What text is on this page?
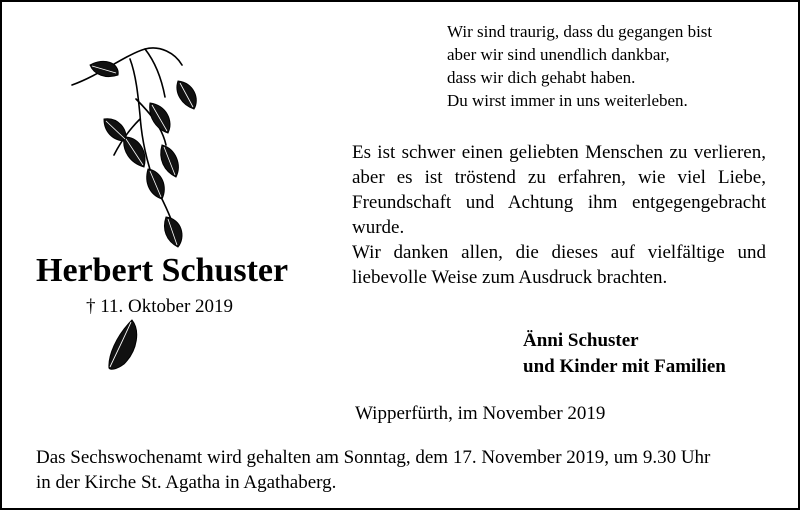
Wir sind traurig, dass du gegangen bist
aber wir sind unendlich dankbar,
dass wir dich gehabt haben.
Du wirst immer in uns weiterleben.

Es ist schwer einen geliebten Menschen zu verlieren, aber es ist tröstend zu erfahren, wie viel Liebe, Freundschaft und Achtung ihm entgegengebracht wurde.

Wir danken allen, die dieses auf vielfältige und liebevolle Weise zum Ausdruck brachten.

Herbert Schuster
† 11. Oktober 2019
Änni Schuster
und Kinder mit Familien
Wipperfürth, im November 2019
Das Sechswochenamt wird gehalten am Sonntag, dem 17. November 2019, um 9.30 Uhr
in der Kirche St. Agatha in Agathaberg.
